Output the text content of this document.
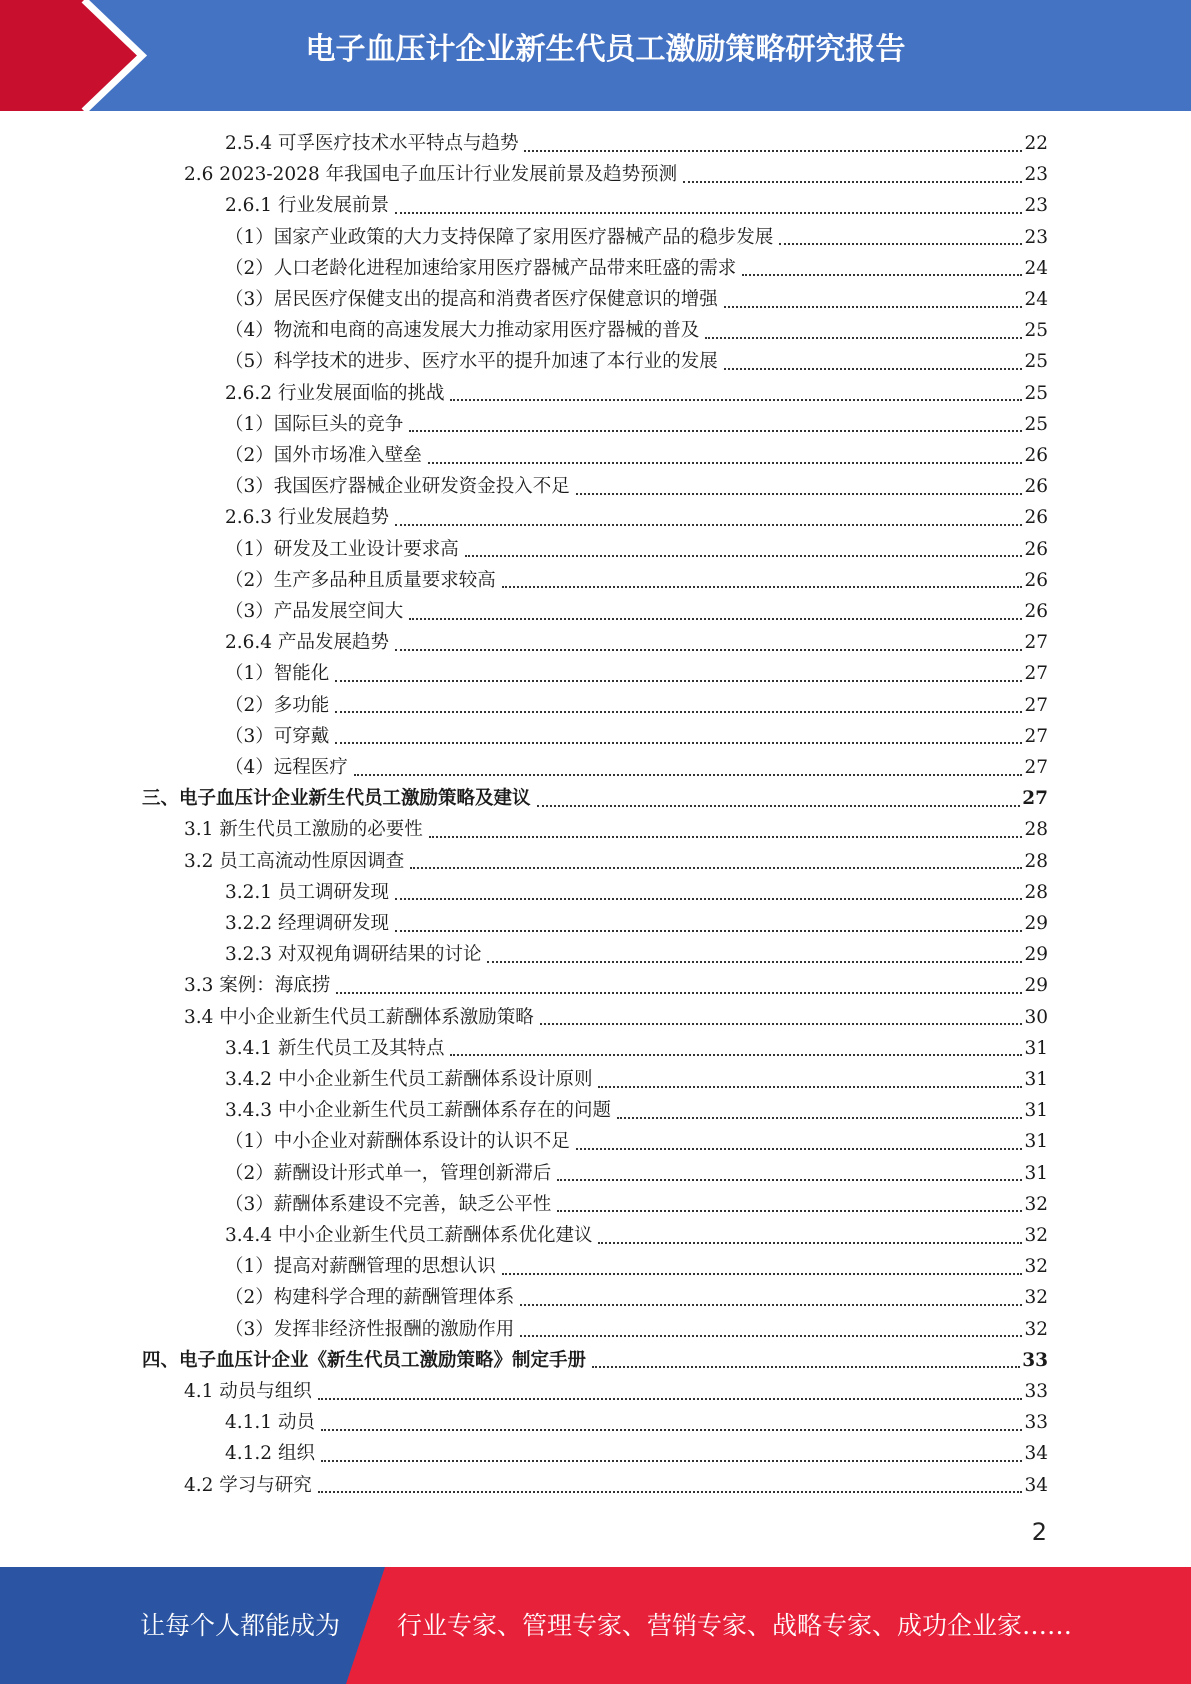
电子血压计企业新生代员工激励策略研究报告
2.5.4 可孚医疗技术水平特点与趋势	22
2.6 2023-2028 年我国电子血压计行业发展前景及趋势预测	23
2.6.1 行业发展前景	23
（1）国家产业政策的大力支持保障了家用医疗器械产品的稳步发展	23
（2）人口老龄化进程加速给家用医疗器械产品带来旺盛的需求	24
（3）居民医疗保健支出的提高和消费者医疗保健意识的增强	24
（4）物流和电商的高速发展大力推动家用医疗器械的普及	25
（5）科学技术的进步、医疗水平的提升加速了本行业的发展	25
2.6.2 行业发展面临的挑战	25
（1）国际巨头的竞争	25
（2）国外市场准入壁垒	26
（3）我国医疗器械企业研发资金投入不足	26
2.6.3 行业发展趋势	26
（1）研发及工业设计要求高	26
（2）生产多品种且质量要求较高	26
（3）产品发展空间大	26
2.6.4 产品发展趋势	27
（1）智能化	27
（2）多功能	27
（3）可穿戴	27
（4）远程医疗	27
三、电子血压计企业新生代员工激励策略及建议	27
3.1 新生代员工激励的必要性	28
3.2 员工高流动性原因调查	28
3.2.1 员工调研发现	28
3.2.2 经理调研发现	29
3.2.3 对双视角调研结果的讨论	29
3.3 案例：海底捞	29
3.4 中小企业新生代员工薪酬体系激励策略	30
3.4.1 新生代员工及其特点	31
3.4.2 中小企业新生代员工薪酬体系设计原则	31
3.4.3 中小企业新生代员工薪酬体系存在的问题	31
（1）中小企业对薪酬体系设计的认识不足	31
（2）薪酬设计形式单一，管理创新滞后	31
（3）薪酬体系建设不完善，缺乏公平性	32
3.4.4 中小企业新生代员工薪酬体系优化建议	32
（1）提高对薪酬管理的思想认识	32
（2）构建科学合理的薪酬管理体系	32
（3）发挥非经济性报酬的激励作用	32
四、电子血压计企业《新生代员工激励策略》制定手册	33
4.1 动员与组织	33
4.1.1 动员	33
4.1.2 组织	34
4.2 学习与研究	34
2
让每个人都能成为 行业专家、管理专家、营销专家、战略专家、成功企业家……
